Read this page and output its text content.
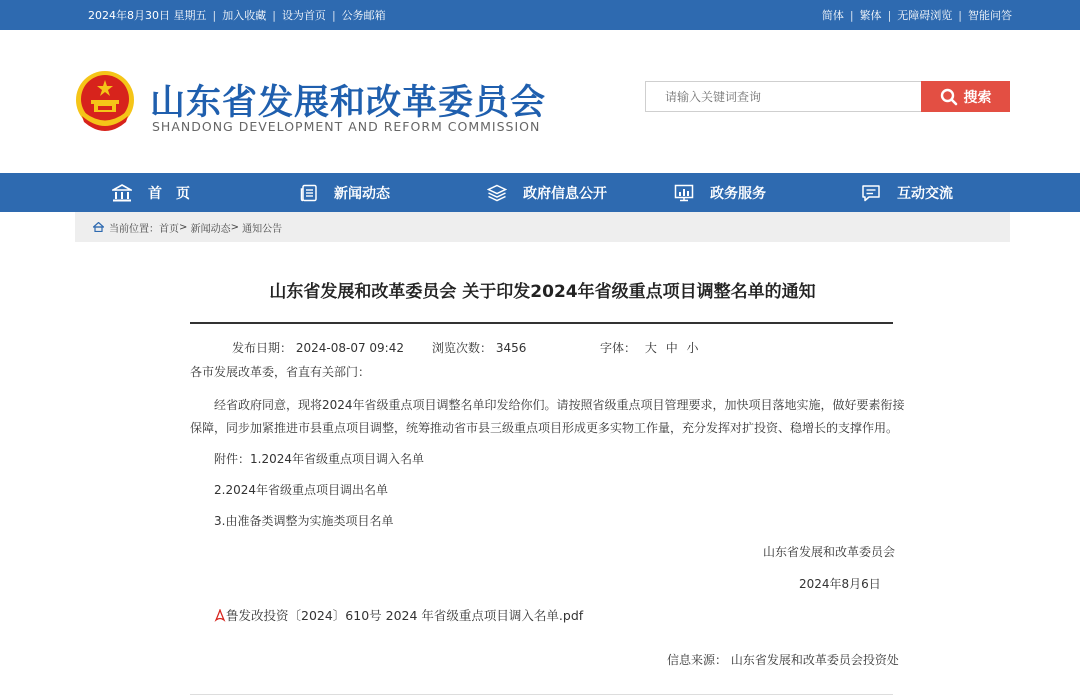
2024年8月30日 星期五 | 加入收藏 | 设为首页 | 公务邮箱	简体 | 繁体 | 无障碍浏览 | 智能问答
山东省发展和改革委员会
SHANDONG DEVELOPMENT AND REFORM COMMISSION
请输入关键词查询
搜索
首　页	新闻动态	政府信息公开	政务服务	互动交流
当前位置： 首页 >
新闻动态 >
通知公告
山东省发展和改革委员会 关于印发2024年省级重点项目调整名单的通知
发布日期： 2024-08-07 09:42 浏览次数： 3456	字体： 大 中 小
各市发展改革委，省直有关部门：
经省政府同意，现将2024年省级重点项目调整名单印发给你们。请按照省级重点项目管理要求，加快项目落地实施，做好要素衔接
保障，同步加紧推进市县重点项目调整，统筹推动省市县三级重点项目形成更多实物工作量，充分发挥对扩投资、稳增长的支撑作用。
附件：1.2024年省级重点项目调入名单
2.2024年省级重点项目调出名单
3.由准备类调整为实施类项目名单
山东省发展和改革委员会
2024年8月6日
鲁发改投资〔2024〕610号 2024 年省级重点项目调入名单.pdf
信息来源： 山东省发展和改革委员会投资处
